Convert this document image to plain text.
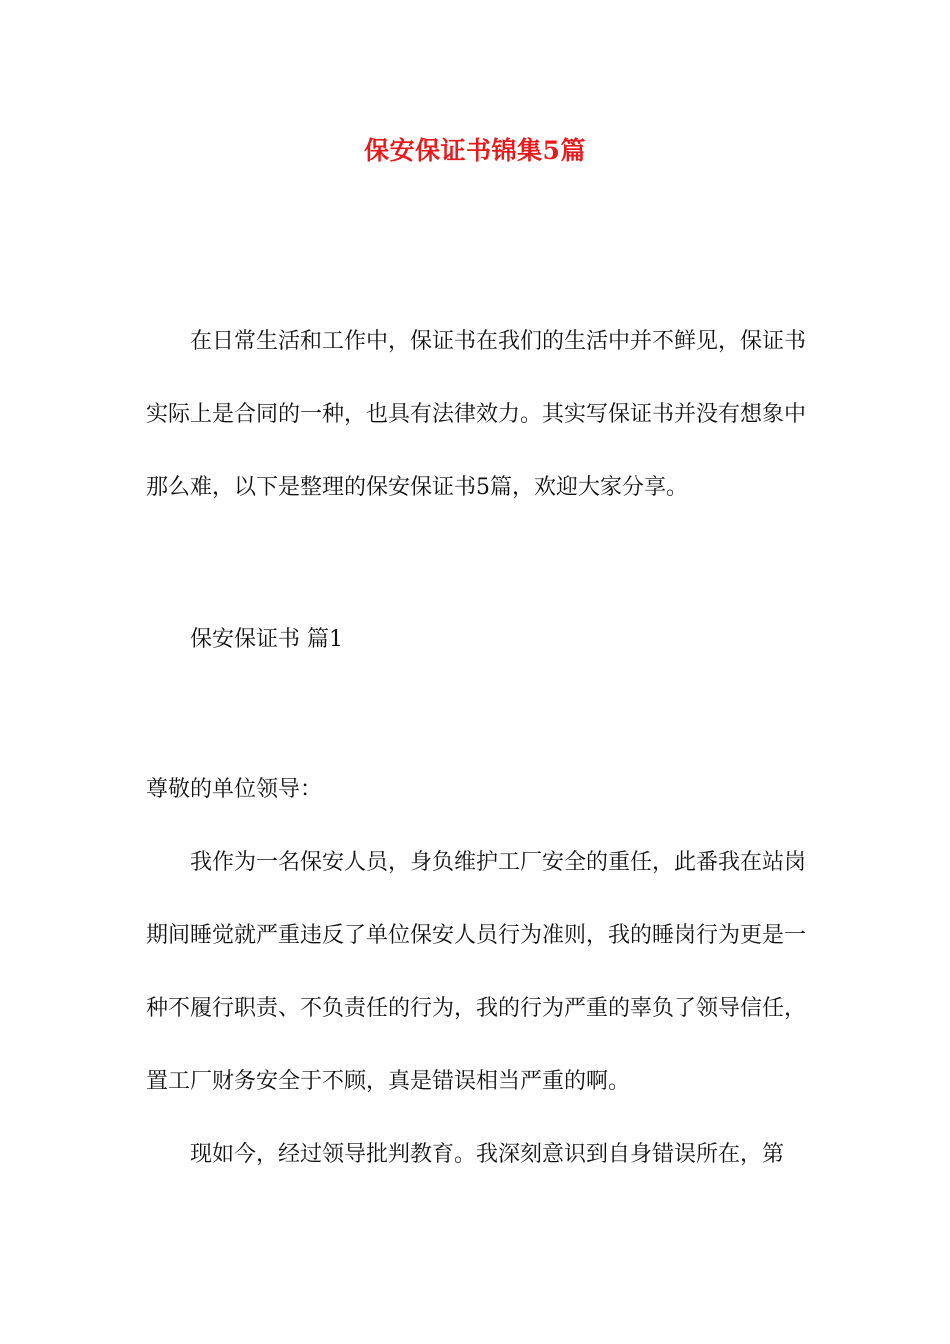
保安保证书锦集5篇
在日常生活和工作中，保证书在我们的生活中并不鲜见，保证书实际上是合同的一种，也具有法律效力。其实写保证书并没有想象中那么难，以下是整理的保安保证书5篇，欢迎大家分享。
保安保证书 篇1
尊敬的单位领导：
我作为一名保安人员，身负维护工厂安全的重任，此番我在站岗期间睡觉就严重违反了单位保安人员行为准则，我的睡岗行为更是一种不履行职责、不负责任的行为，我的行为严重的辜负了领导信任，置工厂财务安全于不顾，真是错误相当严重的啊。
现如今，经过领导批判教育。我深刻意识到自身错误所在，第
